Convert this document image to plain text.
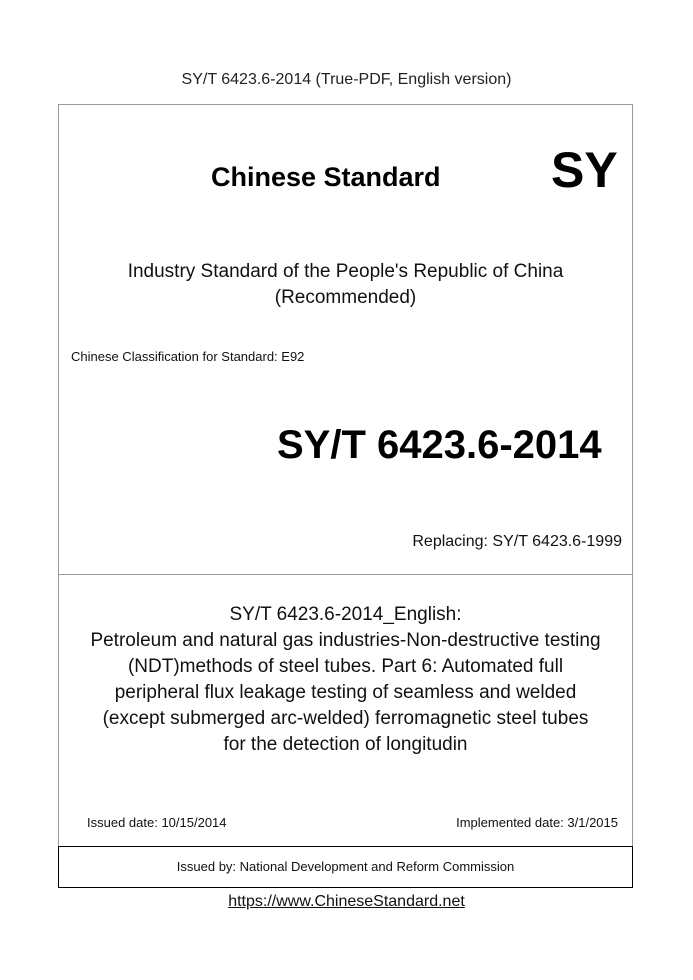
SY/T 6423.6-2014 (True-PDF, English version)
Chinese Standard SY
Industry Standard of the People's Republic of China
(Recommended)
Chinese Classification for Standard: E92
SY/T 6423.6-2014
Replacing: SY/T 6423.6-1999
SY/T 6423.6-2014_English:
Petroleum and natural gas industries-Non-destructive testing
(NDT)methods of steel tubes. Part 6: Automated full
peripheral flux leakage testing of seamless and welded
(except submerged arc-welded) ferromagnetic steel tubes
for the detection of longitudin
Issued date: 10/15/2014	Implemented date: 3/1/2015
Issued by: National Development and Reform Commission
https://www.ChineseStandard.net
